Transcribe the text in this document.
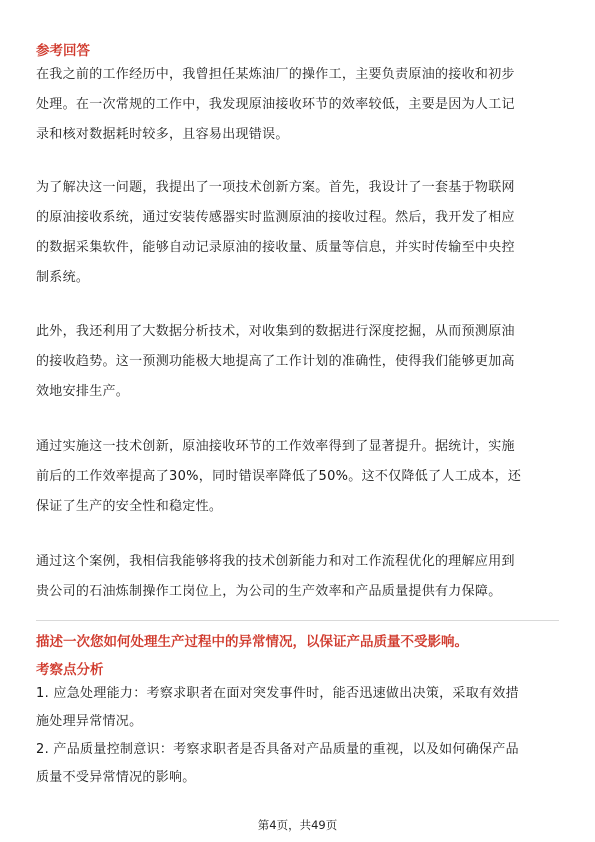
参考回答

在我之前的工作经历中，我曾担任某炼油厂的操作工，主要负责原油的接收和初步

处理。在一次常规的工作中，我发现原油接收环节的效率较低，主要是因为人工记

录和核对数据耗时较多，且容易出现错误。

为了解决这一问题，我提出了一项技术创新方案。首先，我设计了一套基于物联网

的原油接收系统，通过安装传感器实时监测原油的接收过程。然后，我开发了相应

的数据采集软件，能够自动记录原油的接收量、质量等信息，并实时传输至中央控

制系统。

此外，我还利用了大数据分析技术，对收集到的数据进行深度挖掘，从而预测原油

的接收趋势。这一预测功能极大地提高了工作计划的准确性，使得我们能够更加高

效地安排生产。

通过实施这一技术创新，原油接收环节的工作效率得到了显著提升。据统计，实施

前后的工作效率提高了30%，同时错误率降低了50%。这不仅降低了人工成本，还

保证了生产的安全性和稳定性。

通过这个案例，我相信我能够将我的技术创新能力和对工作流程优化的理解应用到

贵公司的石油炼制操作工岗位上，为公司的生产效率和产品质量提供有力保障。

描述一次您如何处理生产过程中的异常情况，以保证产品质量不受影响。
考察点分析

1. 应急处理能力：考察求职者在面对突发事件时，能否迅速做出决策，采取有效措

施处理异常情况。

2. 产品质量控制意识：考察求职者是否具备对产品质量的重视，以及如何确保产品

质量不受异常情况的影响。

第4页，共49页
